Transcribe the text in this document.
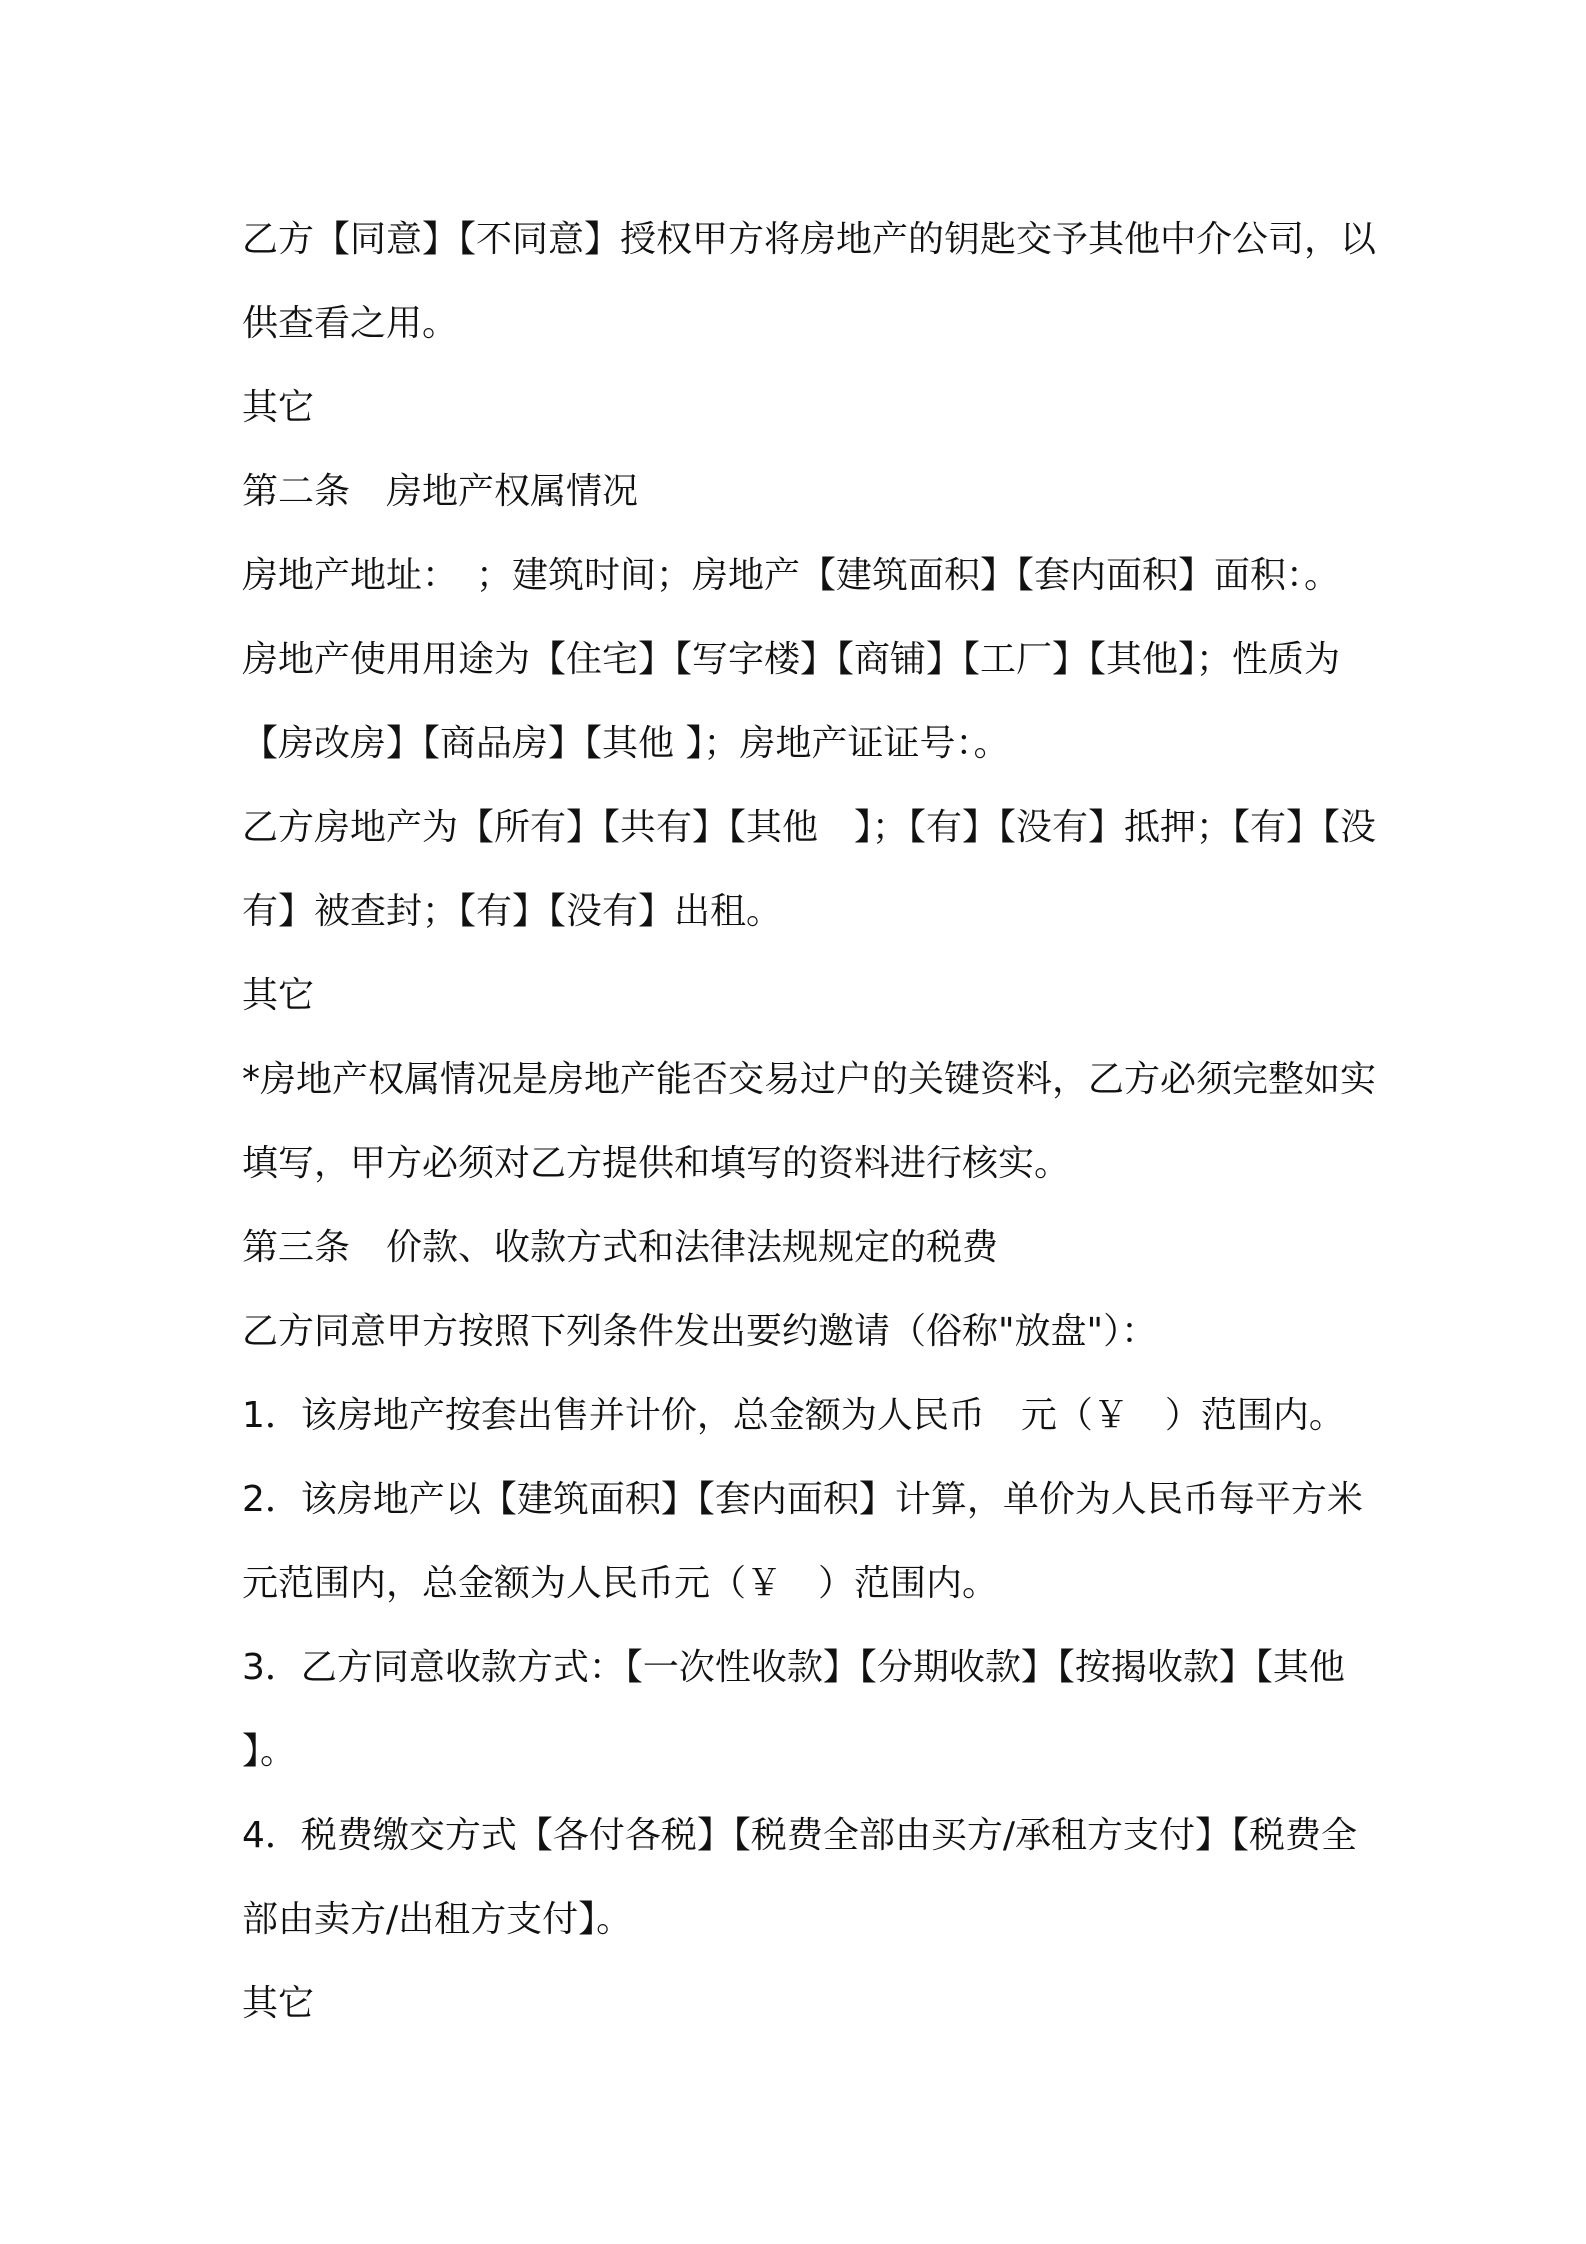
乙方【同意】【不同意】授权甲方将房地产的钥匙交予其他中介公司，以供查看之用。

其它

第二条　房地产权属情况

房地产地址：　；建筑时间；房地产【建筑面积】【套内面积】面积：。

房地产使用用途为【住宅】【写字楼】【商铺】【工厂】【其他】；性质为【房改房】【商品房】【其他 】；房地产证证号：。

乙方房地产为【所有】【共有】【其他　】；【有】【没有】抵押；【有】【没有】被查封；【有】【没有】出租。

其它

*房地产权属情况是房地产能否交易过户的关键资料，乙方必须完整如实填写，甲方必须对乙方提供和填写的资料进行核实。

第三条　价款、收款方式和法律法规规定的税费

乙方同意甲方按照下列条件发出要约邀请（俗称"放盘"）：

1．该房地产按套出售并计价，总金额为人民币　元（￥　）范围内。

2．该房地产以【建筑面积】【套内面积】计算，单价为人民币每平方米 元范围内，总金额为人民币元（￥　）范围内。

3．乙方同意收款方式：【一次性收款】【分期收款】【按揭收款】【其他 】。

4．税费缴交方式【各付各税】【税费全部由买方/承租方支付】【税费全部由卖方/出租方支付】。

其它
